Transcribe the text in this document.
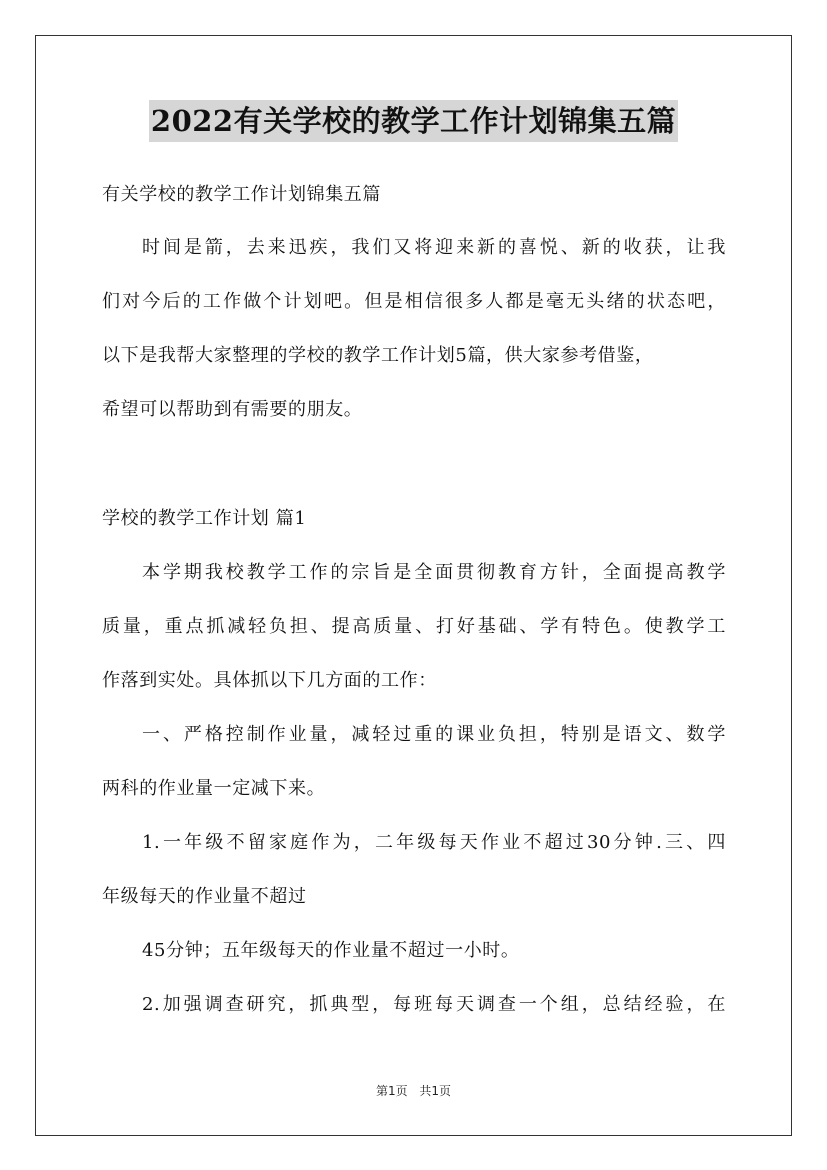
2022有关学校的教学工作计划锦集五篇
有关学校的教学工作计划锦集五篇
时间是箭，去来迅疾，我们又将迎来新的喜悦、新的收获，让我
们对今后的工作做个计划吧。但是相信很多人都是毫无头绪的状态吧，
以下是我帮大家整理的学校的教学工作计划5篇，供大家参考借鉴，
希望可以帮助到有需要的朋友。
学校的教学工作计划 篇1
本学期我校教学工作的宗旨是全面贯彻教育方针，全面提高教学
质量，重点抓减轻负担、提高质量、打好基础、学有特色。使教学工
作落到实处。具体抓以下几方面的工作：
一、严格控制作业量，减轻过重的课业负担，特别是语文、数学
两科的作业量一定减下来。
1.一年级不留家庭作为，二年级每天作业不超过30分钟.三、四
年级每天的作业量不超过
45分钟；五年级每天的作业量不超过一小时。
2.加强调查研究，抓典型，每班每天调查一个组，总结经验，在
第1页 共1页
